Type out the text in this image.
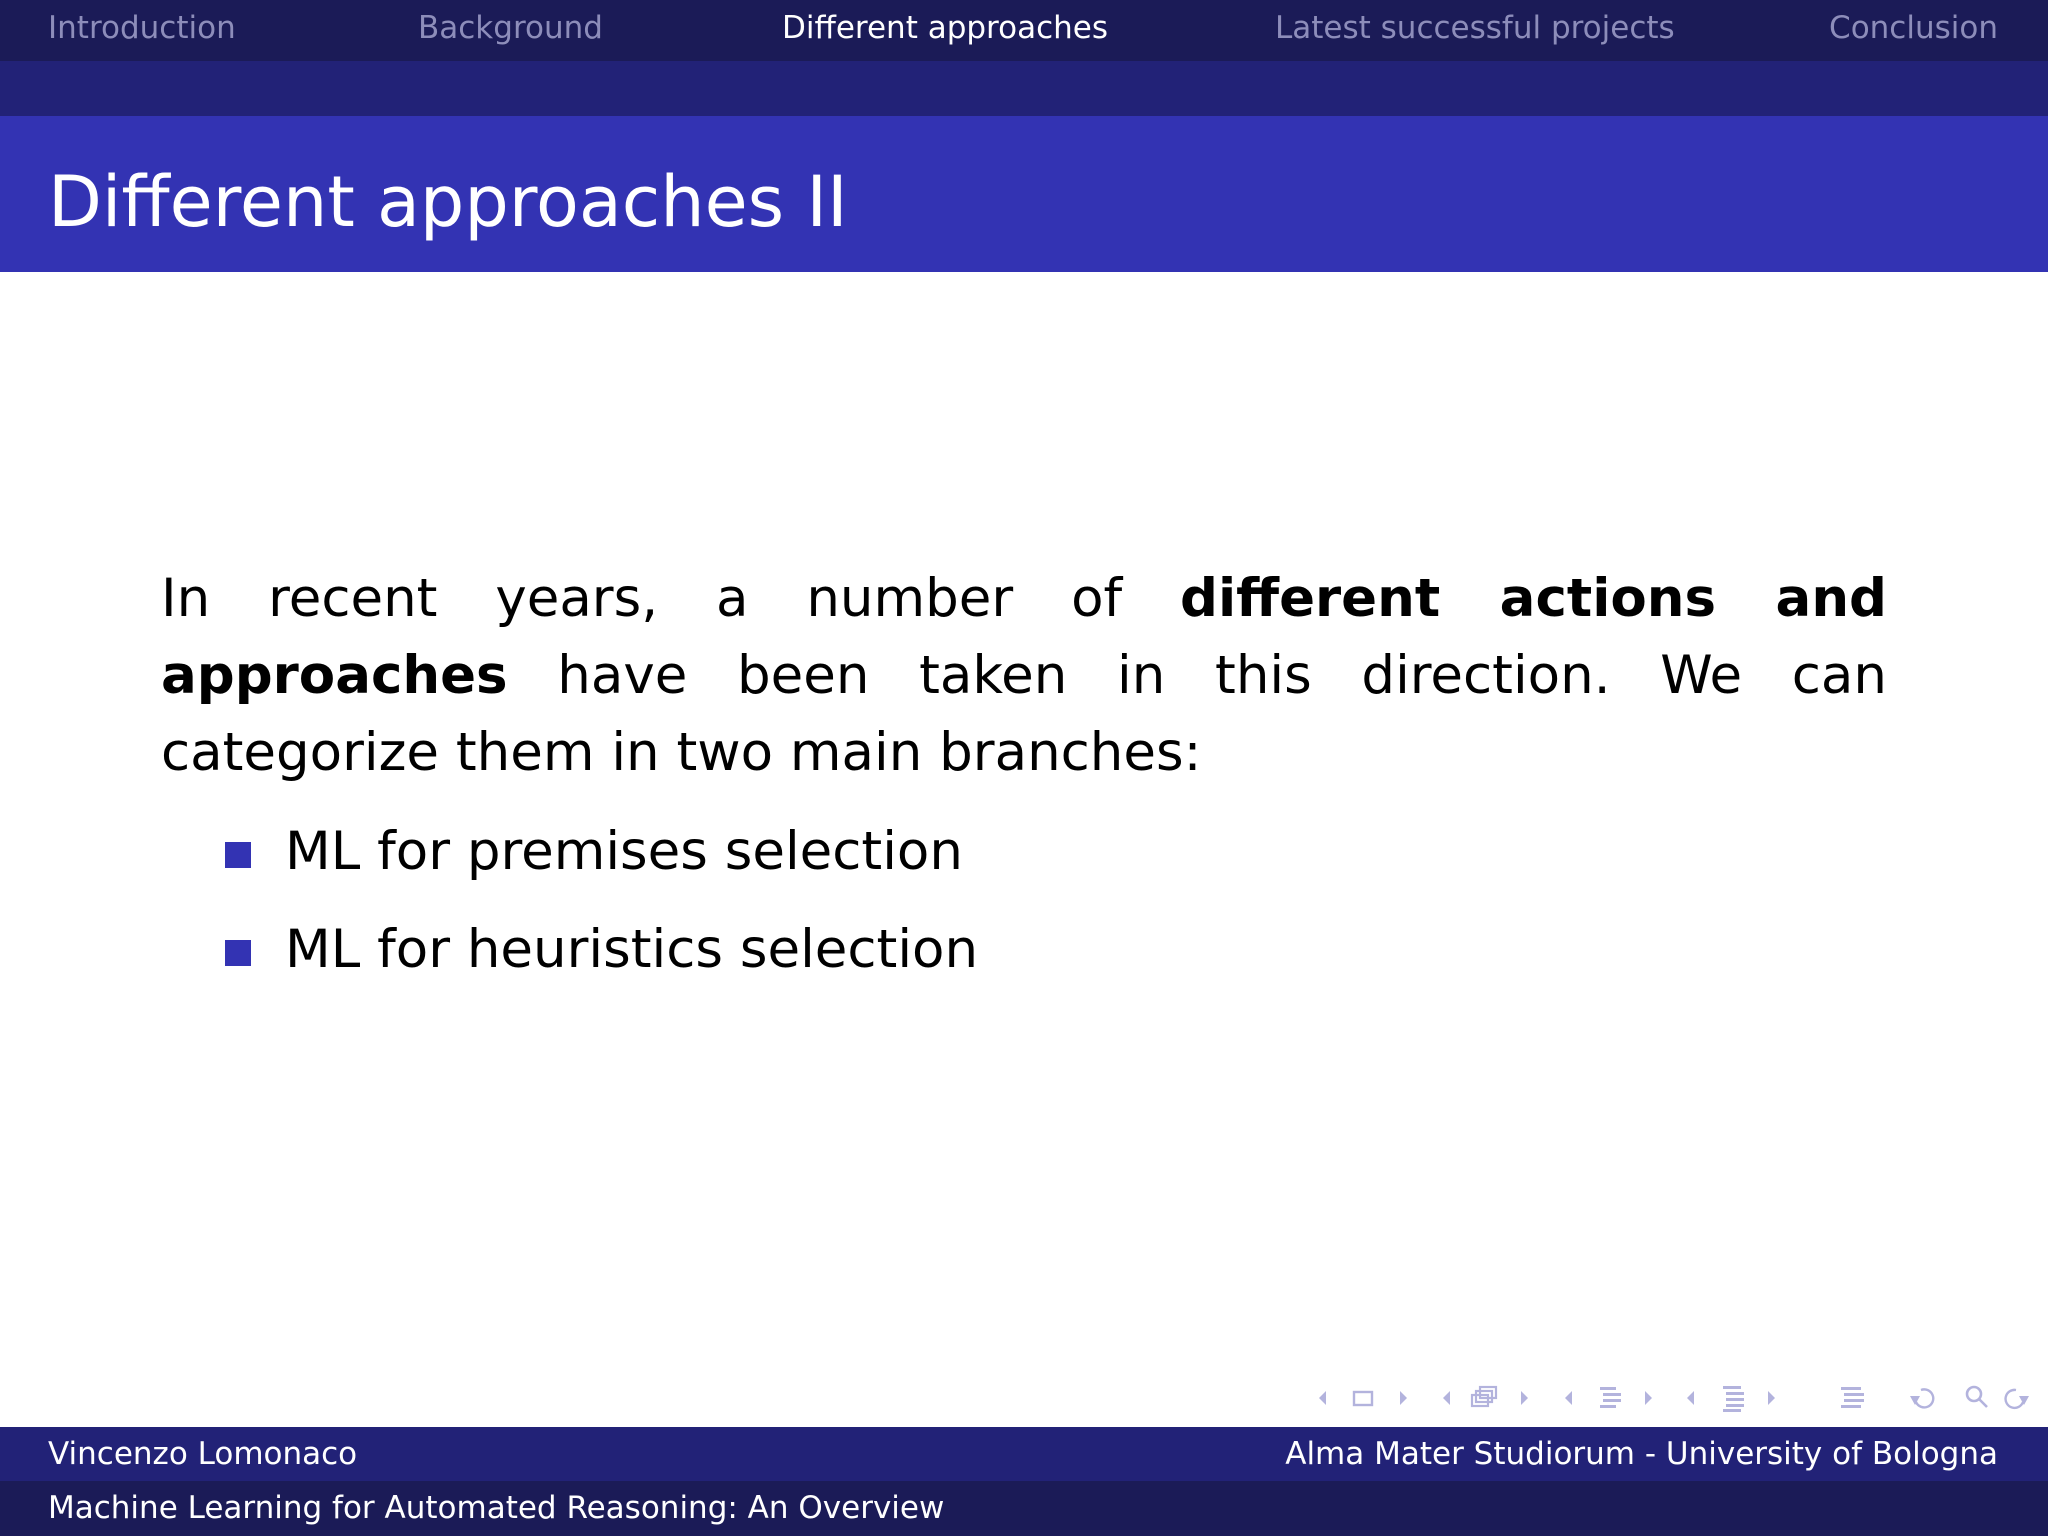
Introduction	Background	Different approaches	Latest successful projects	Conclusion
Different approaches II

In recent years, a number of different actions and approaches have been taken in this direction. We can categorize them in two main branches:

ML for premises selection
ML for heuristics selection
Vincenzo Lomonaco	Alma Mater Studiorum - University of Bologna
Machine Learning for Automated Reasoning: An Overview
